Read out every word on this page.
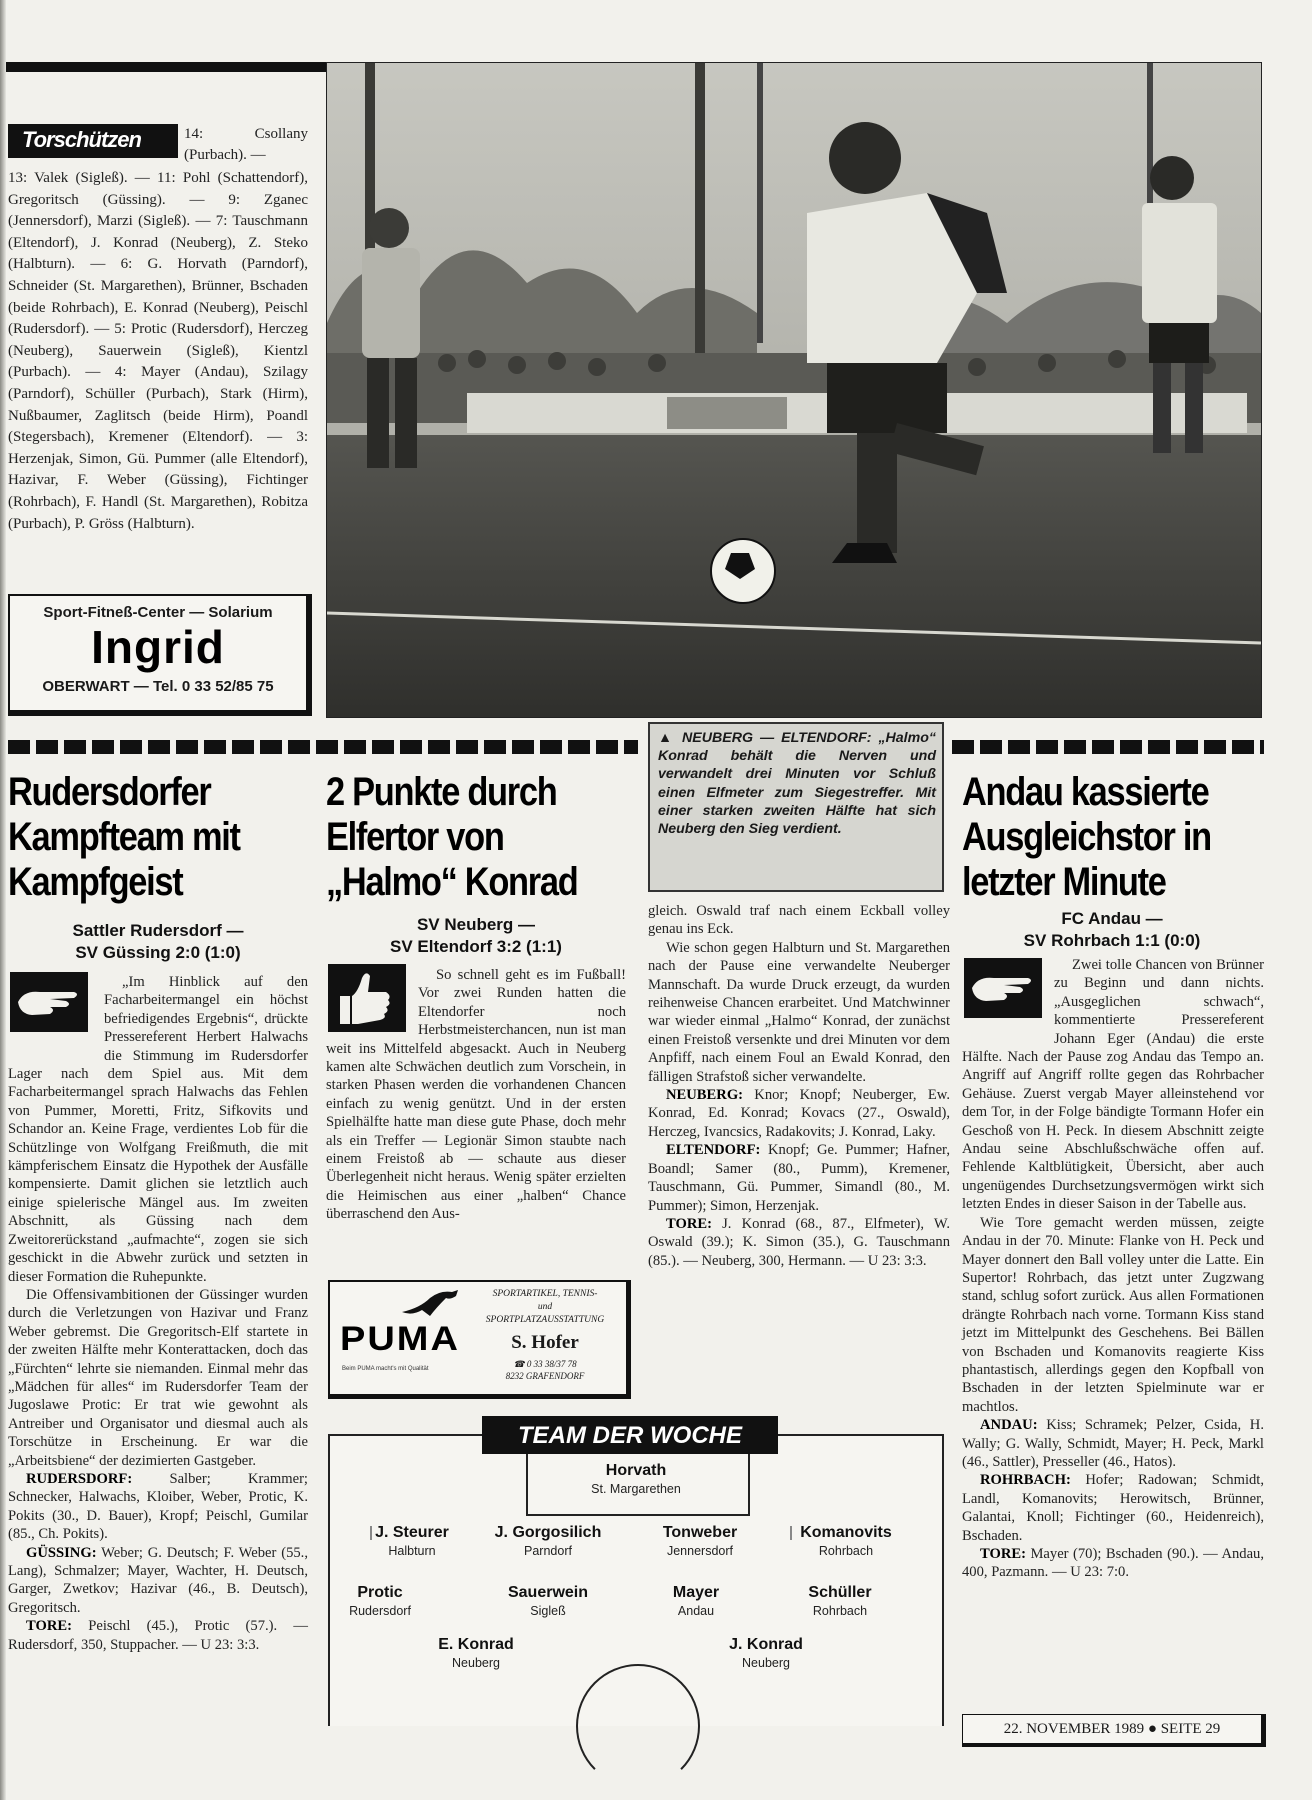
Torschützen	14: Csollany (Purbach). —
13: Valek (Sigleß). — 11: Pohl (Schattendorf), Gregoritsch (Güssing). — 9: Zganec (Jennersdorf), Marzi (Sigleß). — 7: Tauschmann (Eltendorf), J. Konrad (Neuberg), Z. Steko (Halbturn). — 6: G. Horvath (Parndorf), Schneider (St. Margarethen), Brünner, Bschaden (beide Rohrbach), E. Konrad (Neuberg), Peischl (Rudersdorf). — 5: Protic (Rudersdorf), Herczeg (Neuberg), Sauerwein (Sigleß), Kientzl (Purbach). — 4: Mayer (Andau), Szilagy (Parndorf), Schüller (Purbach), Stark (Hirm), Nußbaumer, Zaglitsch (beide Hirm), Poandl (Stegersbach), Kremener (Eltendorf). — 3: Herzenjak, Simon, Gü. Pummer (alle Eltendorf), Hazivar, F. Weber (Güssing), Fichtinger (Rohrbach), F. Handl (St. Margarethen), Robitza (Purbach), P. Gröss (Halbturn).
Sport-Fitneß-Center — Solarium
Ingrid
OBERWART — Tel. 0 33 52/85 75
▲ NEUBERG — ELTENDORF: „Halmo“ Konrad behält die Nerven und verwandelt drei Minuten vor Schluß einen Elfmeter zum Siegestreffer. Mit einer starken zweiten Hälfte hat sich Neuberg den Sieg verdient.
Rudersdorfer Kampfteam mit Kampfgeist
Sattler Rudersdorf —
SV Güssing 2:0 (1:0)

„Im Hinblick auf den Facharbeitermangel ein höchst befriedigendes Ergebnis“, drückte Pressereferent Herbert Halwachs die Stimmung im Rudersdorfer Lager nach dem Spiel aus. Mit dem Facharbeitermangel sprach Halwachs das Fehlen von Pummer, Moretti, Fritz, Sifkovits und Schandor an. Keine Frage, verdientes Lob für die Schützlinge von Wolfgang Freißmuth, die mit kämpferischem Einsatz die Hypothek der Ausfälle kompensierte. Damit glichen sie letztlich auch einige spielerische Mängel aus. Im zweiten Abschnitt, als Güssing nach dem Zweitorerückstand „aufmachte“, zogen sie sich geschickt in die Abwehr zurück und setzten in dieser Formation die Ruhepunkte.

Die Offensivambitionen der Güssinger wurden durch die Verletzungen von Hazivar und Franz Weber gebremst. Die Gregoritsch-Elf startete in der zweiten Hälfte mehr Konterattacken, doch das „Fürchten“ lehrte sie niemanden. Einmal mehr das „Mädchen für alles“ im Rudersdorfer Team der Jugoslawe Protic: Er trat wie gewohnt als Antreiber und Organisator und diesmal auch als Torschütze in Erscheinung. Er war die „Arbeitsbiene“ der dezimierten Gastgeber.

RUDERSDORF:	Salber; Krammer; Schnecker, Halwachs, Kloiber, Weber, Protic, K. Pokits (30., D. Bauer), Kropf; Peischl, Gumilar (85., Ch. Pokits).

GÜSSING: Weber; G. Deutsch; F. Weber (55., Lang), Schmalzer; Mayer, Wachter, H. Deutsch, Garger, Zwetkov; Hazivar (46., B. Deutsch), Gregoritsch.

TORE: Peischl (45.), Protic (57.). — Rudersdorf, 350, Stuppacher. — U 23: 3:3.

2 Punkte durch Elfertor von „Halmo“ Konrad
SV Neuberg —
SV Eltendorf 3:2 (1:1)

So schnell geht es im Fußball! Vor zwei Runden hatten die Eltendorfer noch Herbstmeisterchancen, nun ist man weit ins Mittelfeld abgesackt. Auch in Neuberg kamen alte Schwächen deutlich zum Vorschein, in starken Phasen werden die vorhandenen Chancen einfach zu wenig genützt. Und in der ersten Spielhälfte hatte man diese gute Phase, doch mehr als ein Treffer — Legionär Simon staubte nach einem Freistoß ab — schaute aus dieser Überlegenheit nicht heraus. Wenig später erzielten die Heimischen aus einer „halben“ Chance überraschend den Aus-

gleich. Oswald traf nach einem Eckball volley genau ins Eck.

Wie schon gegen Halbturn und St. Margarethen nach der Pause eine verwandelte Neuberger Mannschaft. Da wurde Druck erzeugt, da wurden reihenweise Chancen erarbeitet. Und Matchwinner war wieder einmal „Halmo“ Konrad, der zunächst einen Freistoß versenkte und drei Minuten vor dem Anpfiff, nach einem Foul an Ewald Konrad, den fälligen Strafstoß sicher verwandelte.

NEUBERG: Knor; Knopf; Neuberger, Ew. Konrad, Ed. Konrad; Kovacs (27., Oswald), Herczeg, Ivancsics, Radakovits; J. Konrad, Laky.

ELTENDORF: Knopf; Ge. Pummer; Hafner, Boandl; Samer (80., Pumm), Kremener, Tauschmann, Gü. Pummer, Simandl (80., M. Pummer); Simon, Herzenjak.

TORE: J. Konrad (68., 87., Elfmeter), W. Oswald (39.); K. Simon (35.), G. Tauschmann (85.). — Neuberg, 300, Hermann. — U 23: 3:3.

PUMA
Beim PUMA macht's mit Qualität
SPORTARTIKEL, TENNIS-
und
SPORTPLATZAUSSTATTUNG
S. Hofer
☎ 0 33 38/37 78
8232 GRAFENDORF
Andau kassierte Ausgleichstor in letzter Minute
FC Andau —
SV Rohrbach 1:1 (0:0)

Zwei tolle Chancen von Brünner zu Beginn und dann nichts. „Ausgeglichen schwach“, kommentierte Pressereferent Johann Eger (Andau) die erste Hälfte. Nach der Pause zog Andau das Tempo an. Angriff auf Angriff rollte gegen das Rohrbacher Gehäuse. Zuerst vergab Mayer alleinstehend vor dem Tor, in der Folge bändigte Tormann Hofer ein Geschoß von H. Peck. In diesem Abschnitt zeigte Andau seine Abschlußschwäche offen auf. Fehlende Kaltblütigkeit, Übersicht, aber auch ungenügendes Durchsetzungsvermögen wirkt sich letzten Endes in dieser Saison in der Tabelle aus.

Wie Tore gemacht werden müssen, zeigte Andau in der 70. Minute: Flanke von H. Peck und Mayer donnert den Ball volley unter die Latte. Ein Supertor! Rohrbach, das jetzt unter Zugzwang stand, schlug sofort zurück. Aus allen Formationen drängte Rohrbach nach vorne. Tormann Kiss stand jetzt im Mittelpunkt des Geschehens. Bei Bällen von Bschaden und Komanovits reagierte Kiss phantastisch, allerdings gegen den Kopfball von Bschaden in der letzten Spielminute war er machtlos.

ANDAU: Kiss; Schramek; Pelzer, Csida, H. Wally; G. Wally, Schmidt, Mayer; H. Peck, Markl (46., Sattler), Presseller (46., Hatos).

ROHRBACH: Hofer; Radowan; Schmidt, Landl, Komanovits; Herowitsch, Brünner, Galantai, Knoll; Fichtinger (60., Heidenreich), Bschaden.

TORE: Mayer (70); Bschaden (90.). — Andau, 400, Pazmann. — U 23: 7:0.

TEAM DER WOCHE
Horvath
St. Margarethen
J. Steurer
Halbturn
J. Gorgosilich
Parndorf
Tonweber
Jennersdorf
Komanovits
Rohrbach
Protic
Rudersdorf
Sauerwein
Sigleß
Mayer
Andau
Schüller
Rohrbach
E. Konrad
Neuberg
J. Konrad
Neuberg
22. NOVEMBER 1989 ● SEITE 29
